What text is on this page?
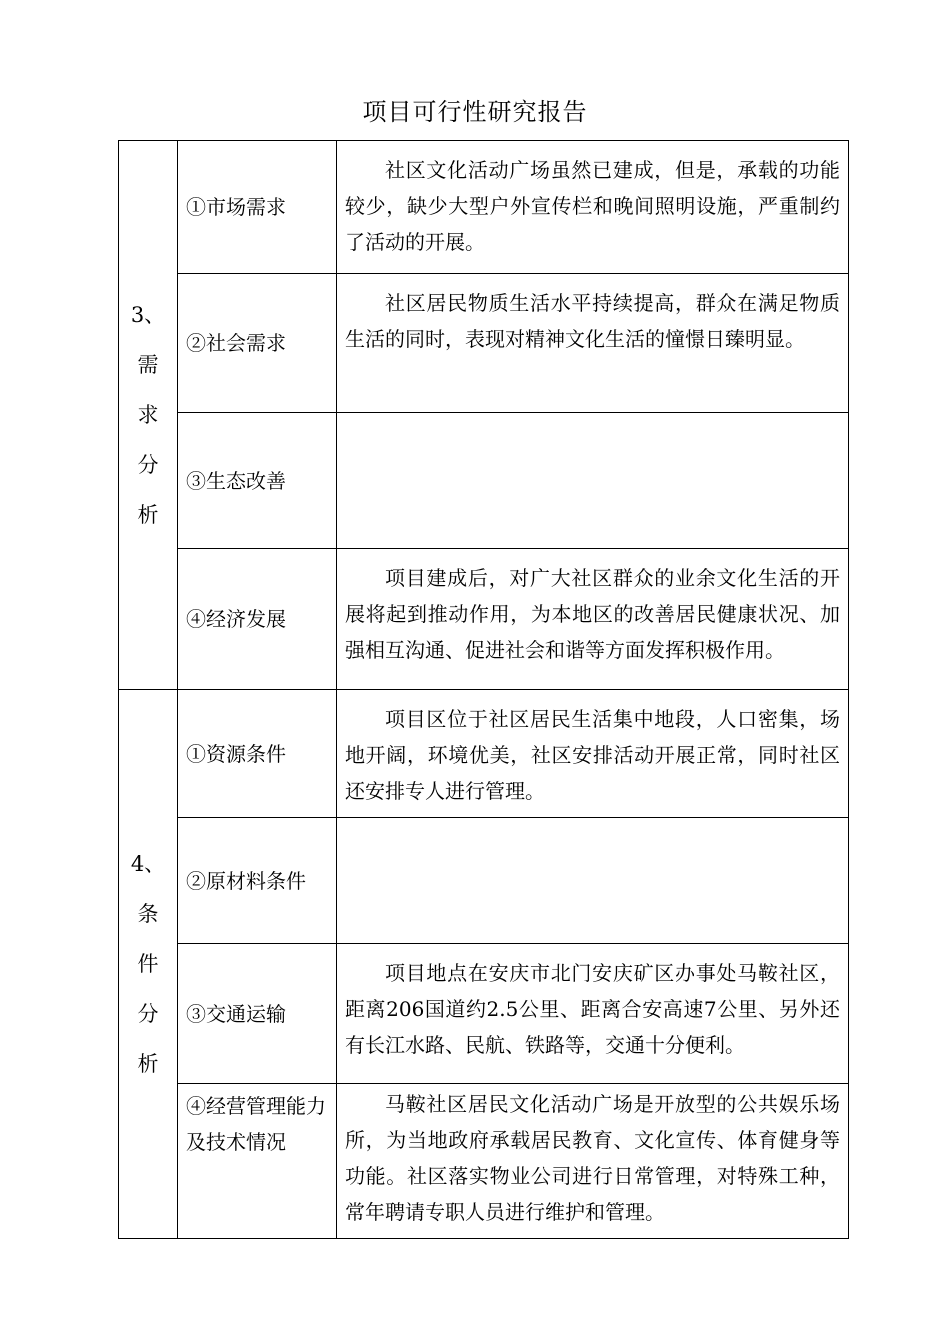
项目可行性研究报告
3、
需
求
分
析	①市场需求	社区文化活动广场虽然已建成，但是，承载的功能较少，缺少大型户外宣传栏和晚间照明设施，严重制约了活动的开展。

	②社会需求	社区居民物质生活水平持续提高，群众在满足物质生活的同时，表现对精神文化生活的憧憬日臻明显。

	③生态改善	

	④经济发展	项目建成后，对广大社区群众的业余文化生活的开展将起到推动作用，为本地区的改善居民健康状况、加强相互沟通、促进社会和谐等方面发挥积极作用。

4、
条
件
分
析	①资源条件	项目区位于社区居民生活集中地段，人口密集，场地开阔，环境优美，社区安排活动开展正常，同时社区还安排专人进行管理。

	②原材料条件	

	③交通运输	项目地点在安庆市北门安庆矿区办事处马鞍社区，距离206国道约2.5公里、距离合安高速7公里、另外还有长江水路、民航、铁路等，交通十分便利。

	④经营管理能力及技术情况	马鞍社区居民文化活动广场是开放型的公共娱乐场所，为当地政府承载居民教育、文化宣传、体育健身等功能。社区落实物业公司进行日常管理，对特殊工种，常年聘请专职人员进行维护和管理。
